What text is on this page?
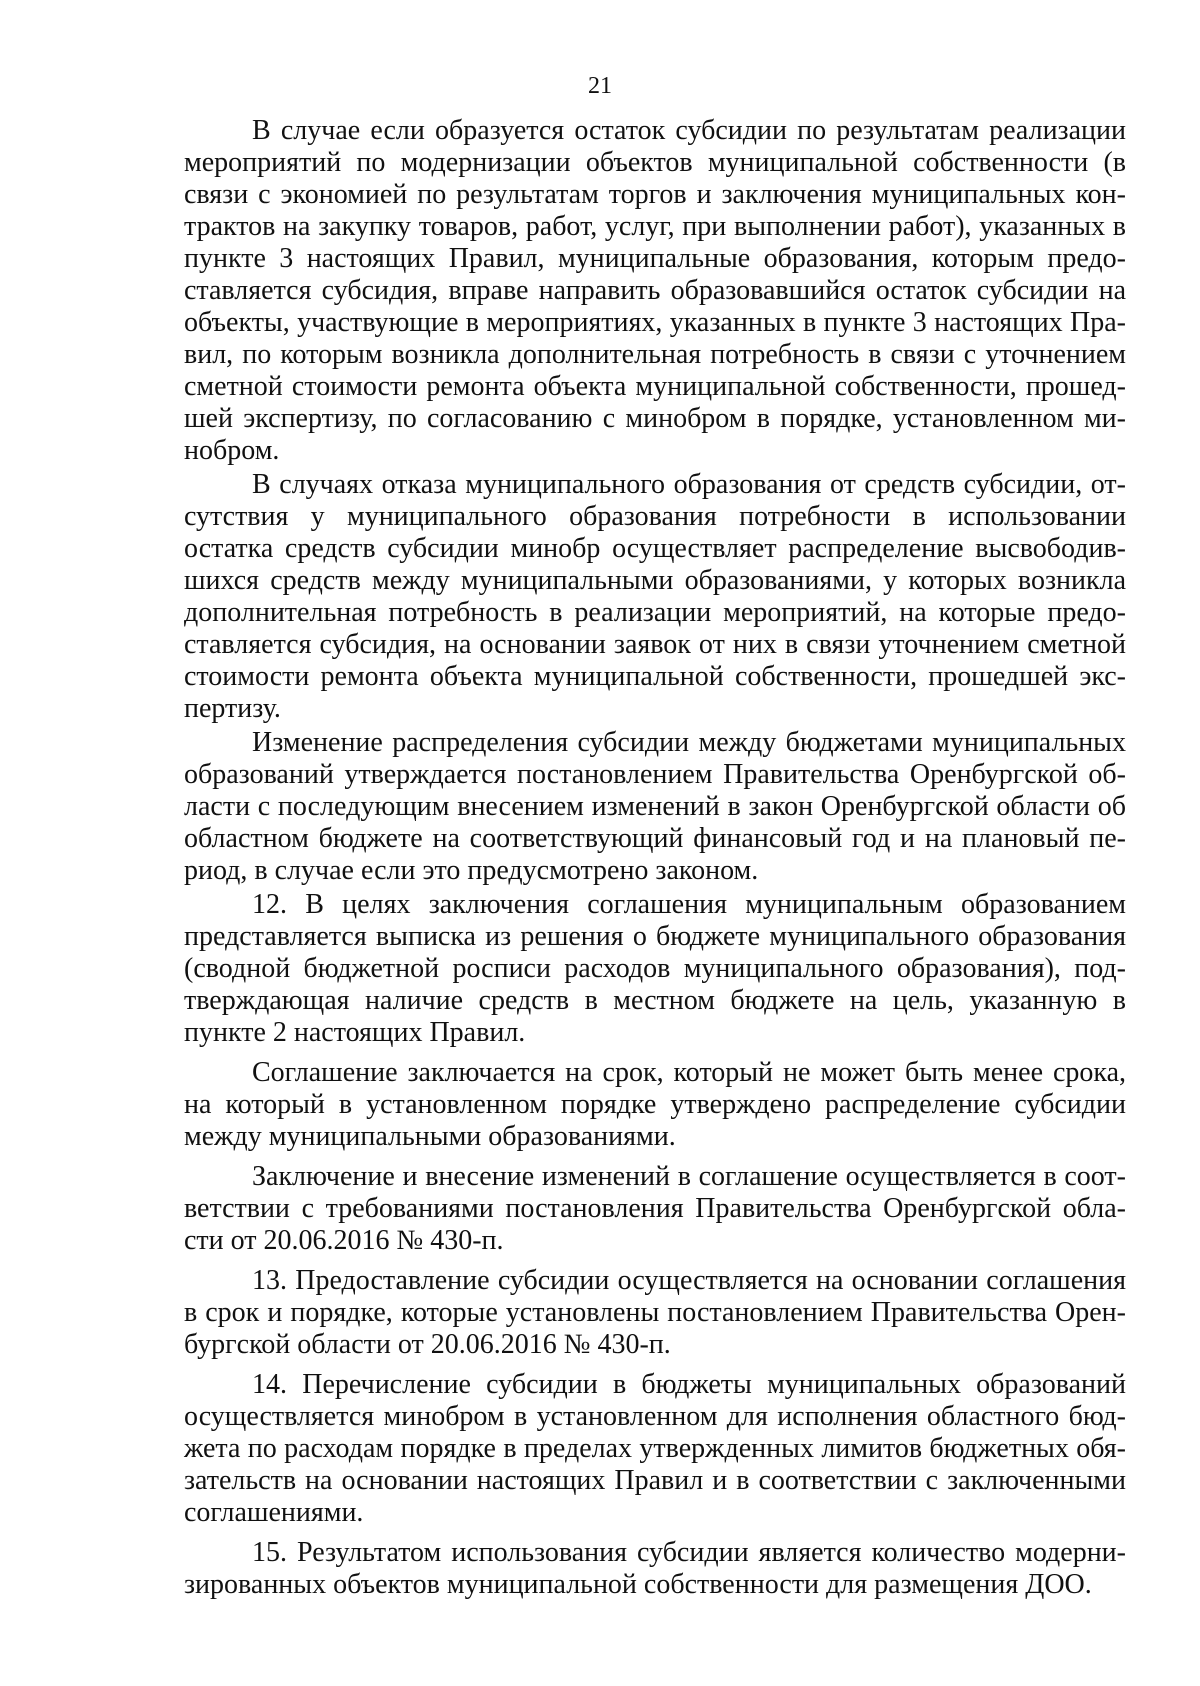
21

В случае если образуется остаток субсидии по результатам реализации мероприятий по модернизации объектов муниципальной собственности (в связи с экономией по результатам торгов и заключения муниципальных контрактов на закупку товаров, работ, услуг, при выполнении работ), указанных в пункте 3 настоящих Правил, муниципальные образования, которым предоставляется субсидия, вправе направить образовавшийся остаток субсидии на объекты, участвующие в мероприятиях, указанных в пункте 3 настоящих Правил, по которым возникла дополнительная потребность в связи с уточнением сметной стоимости ремонта объекта муниципальной собственности, прошедшей экспертизу, по согласованию с минобром в порядке, установленном минобром.

В случаях отказа муниципального образования от средств субсидии, отсутствия у муниципального образования потребности в использовании остатка средств субсидии минобр осуществляет распределение высвободившихся средств между муниципальными образованиями, у которых возникла дополнительная потребность в реализации мероприятий, на которые предоставляется субсидия, на основании заявок от них в связи уточнением сметной стоимости ремонта объекта муниципальной собственности, прошедшей экспертизу.

Изменение распределения субсидии между бюджетами муниципальных образований утверждается постановлением Правительства Оренбургской области с последующим внесением изменений в закон Оренбургской области об областном бюджете на соответствующий финансовый год и на плановый период, в случае если это предусмотрено законом.

12. В целях заключения соглашения муниципальным образованием представляется выписка из решения о бюджете муниципального образования (сводной бюджетной росписи расходов муниципального образования), подтверждающая наличие средств в местном бюджете на цель, указанную в пункте 2 настоящих Правил.

Соглашение заключается на срок, который не может быть менее срока, на который в установленном порядке утверждено распределение субсидии между муниципальными образованиями.

Заключение и внесение изменений в соглашение осуществляется в соответствии с требованиями постановления Правительства Оренбургской области от 20.06.2016 № 430-п.

13. Предоставление субсидии осуществляется на основании соглашения в срок и порядке, которые установлены постановлением Правительства Оренбургской области от 20.06.2016 № 430-п.

14. Перечисление субсидии в бюджеты муниципальных образований осуществляется минобром в установленном для исполнения областного бюджета по расходам порядке в пределах утвержденных лимитов бюджетных обязательств на основании настоящих Правил и в соответствии с заключенными соглашениями.

15. Результатом использования субсидии является количество модернизированных объектов муниципальной собственности для размещения ДОО.
